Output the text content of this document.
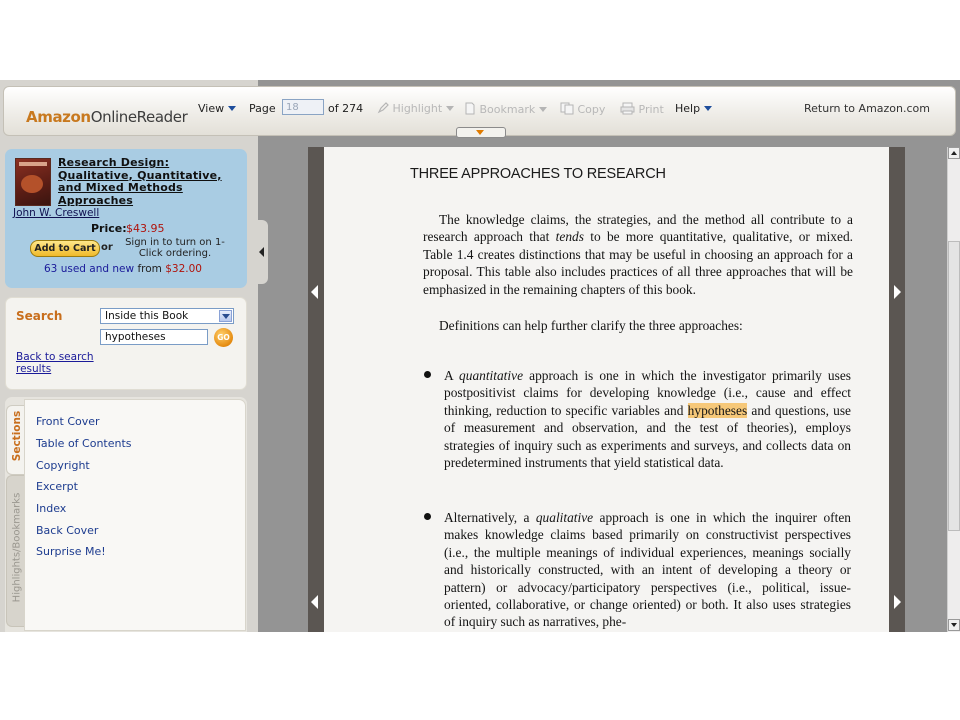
AmazonOnlineReader View	Page
18	of 274	Highlight	Bookmark	Copy	Print Help	Return to Amazon.com
Research Design: Qualitative, Quantitative, and Mixed Methods Approaches
John W. Creswell
Price: $43.95
Add to Cart or	Sign in to turn on 1-Click ordering.
63 used and new from $32.00
Search	Inside this Book
hypotheses
GO
Back to search results
Sections
Highlights/Bookmarks
Front Cover
Table of Contents
Copyright
Excerpt
Index
Back Cover
Surprise Me!
THREE APPROACHES TO RESEARCH
The knowledge claims, the strategies, and the method all contribute to a research approach that tends to be more quantitative, qualitative, or mixed. Table 1.4 creates distinctions that may be useful in choosing an approach for a proposal. This table also includes practices of all three approaches that will be emphasized in the remaining chapters of this book.
Definitions can help further clarify the three approaches:
A quantitative approach is one in which the investigator primarily uses postpositivist claims for developing knowledge (i.e., cause and effect thinking, reduction to specific variables and hypotheses and questions, use of measurement and observation, and the test of theories), employs strategies of inquiry such as experiments and surveys, and collects data on predetermined instruments that yield statistical data.
Alternatively, a qualitative approach is one in which the inquirer often makes knowledge claims based primarily on constructivist perspectives (i.e., the multiple meanings of individual experiences, meanings socially and historically constructed, with an intent of developing a theory or pattern) or advocacy/participatory perspectives (i.e., political, issue-oriented, collaborative, or change oriented) or both. It also uses strategies of inquiry such as narratives, phe-
